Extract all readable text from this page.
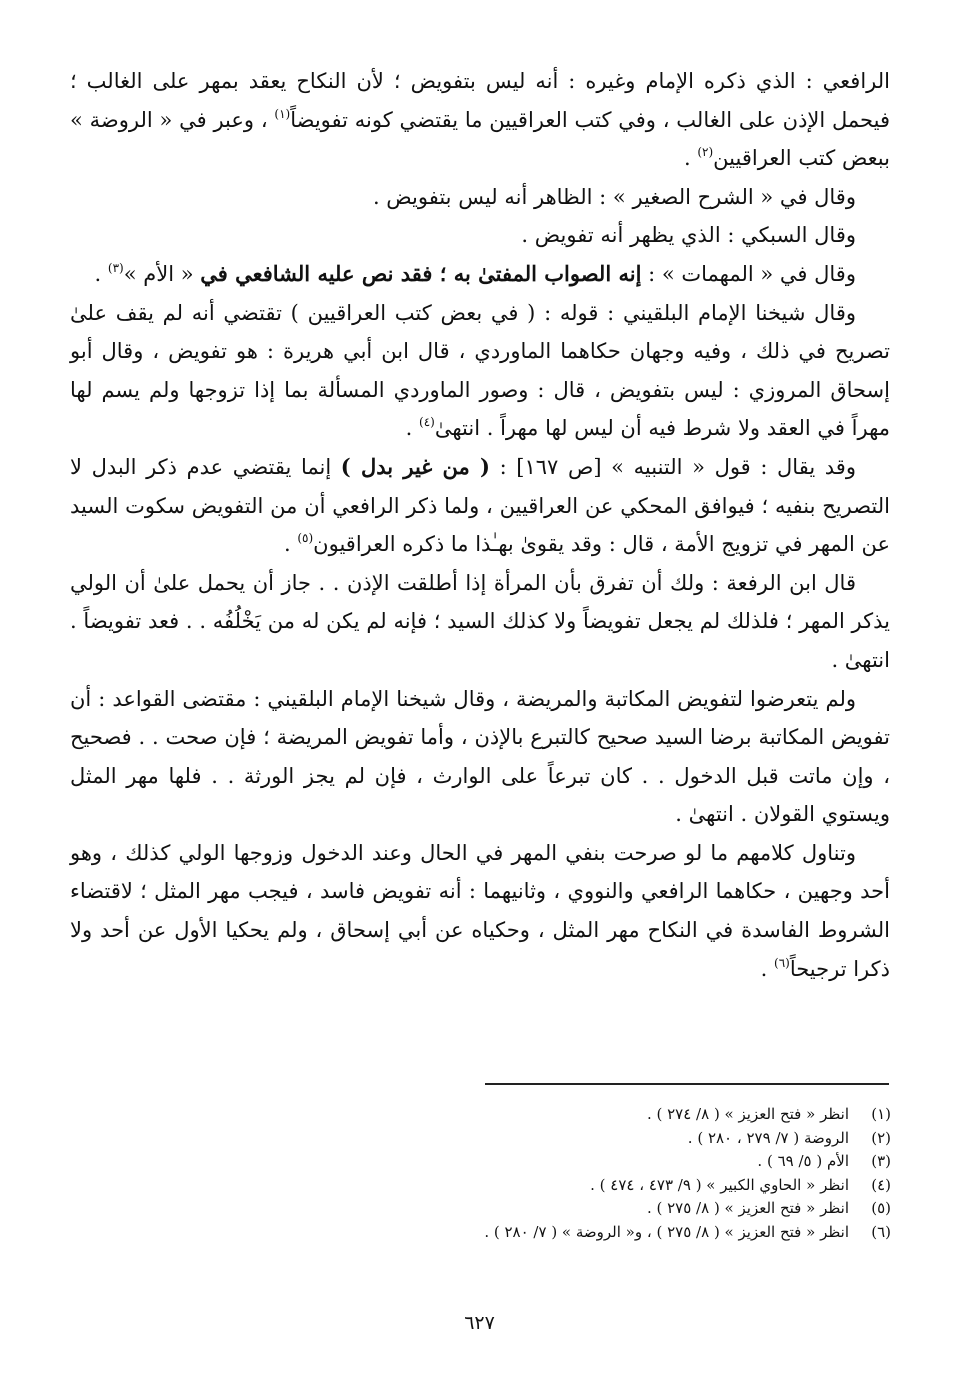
الرافعي : الذي ذكره الإمام وغيره : أنه ليس بتفويض ؛ لأن النكاح يعقد بمهر على الغالب ؛ فيحمل الإذن على الغالب ، وفي كتب العراقيين ما يقتضي كونه تفويضاً$^{(١)}$ ، وعبر في « الروضة » ببعض كتب العراقيين$^{(٢)}$ .

وقال في « الشرح الصغير » : الظاهر أنه ليس بتفويض .

وقال السبكي : الذي يظهر أنه تفويض .

وقال في « المهمات » : إنه الصواب المفتىٰ به ؛ فقد نص عليه الشافعي في « الأم »$^{(٣)}$ .

وقال شيخنا الإمام البلقيني : قوله : ( في بعض كتب العراقيين ) تقتضي أنه لم يقف علىٰ تصريح في ذلك ، وفيه وجهان حكاهما الماوردي ، قال ابن أبي هريرة : هو تفويض ، وقال أبو إسحاق المروزي : ليس بتفويض ، قال : وصور الماوردي المسألة بما إذا تزوجها ولم يسم لها مهراً في العقد ولا شرط فيه أن ليس لها مهراً . انتهىٰ$^{(٤)}$ .

وقد يقال : قول « التنبيه » [ص ١٦٧] : ( من غير بدل ) إنما يقتضي عدم ذكر البدل لا التصريح بنفيه ؛ فيوافق المحكي عن العراقيين ، ولما ذكر الرافعي أن من التفويض سكوت السيد عن المهر في تزويج الأمة ، قال : وقد يقوىٰ بهـٰذا ما ذكره العراقيون$^{(٥)}$ .

قال ابن الرفعة : ولك أن تفرق بأن المرأة إذا أطلقت الإذن . . جاز أن يحمل علىٰ أن الولي يذكر المهر ؛ فلذلك لم يجعل تفويضاً ولا كذلك السيد ؛ فإنه لم يكن له من يَخْلُفُه . . فعد تفويضاً . انتهىٰ .

ولم يتعرضوا لتفويض المكاتبة والمريضة ، وقال شيخنا الإمام البلقيني : مقتضى القواعد : أن تفويض المكاتبة برضا السيد صحيح كالتبرع بالإذن ، وأما تفويض المريضة ؛ فإن صحت . . فصحيح ، وإن ماتت قبل الدخول . . كان تبرعاً على الوارث ، فإن لم يجز الورثة . . فلها مهر المثل ويستوي القولان . انتهىٰ .

وتناول كلامهم ما لو صرحت بنفي المهر في الحال وعند الدخول وزوجها الولي كذلك ، وهو أحد وجهين ، حكاهما الرافعي والنووي ، وثانيهما : أنه تفويض فاسد ، فيجب مهر المثل ؛ لاقتضاء الشروط الفاسدة في النكاح مهر المثل ، وحكياه عن أبي إسحاق ، ولم يحكيا الأول عن أحد ولا ذكرا ترجيحاً$^{(٦)}$ .

(١)
انظر « فتح العزيز » ( ٨/ ٢٧٤ ) .
(٢)
الروضة ( ٧/ ٢٧٩ ، ٢٨٠ ) .
(٣)
الأم ( ٥/ ٦٩ ) .
(٤)
انظر « الحاوي الكبير » ( ٩/ ٤٧٣ ، ٤٧٤ ) .
(٥)
انظر « فتح العزيز » ( ٨/ ٢٧٥ ) .
(٦)
انظر « فتح العزيز » ( ٨/ ٢٧٥ ) ، و« الروضة » ( ٧/ ٢٨٠ ) .
٦٢٧
